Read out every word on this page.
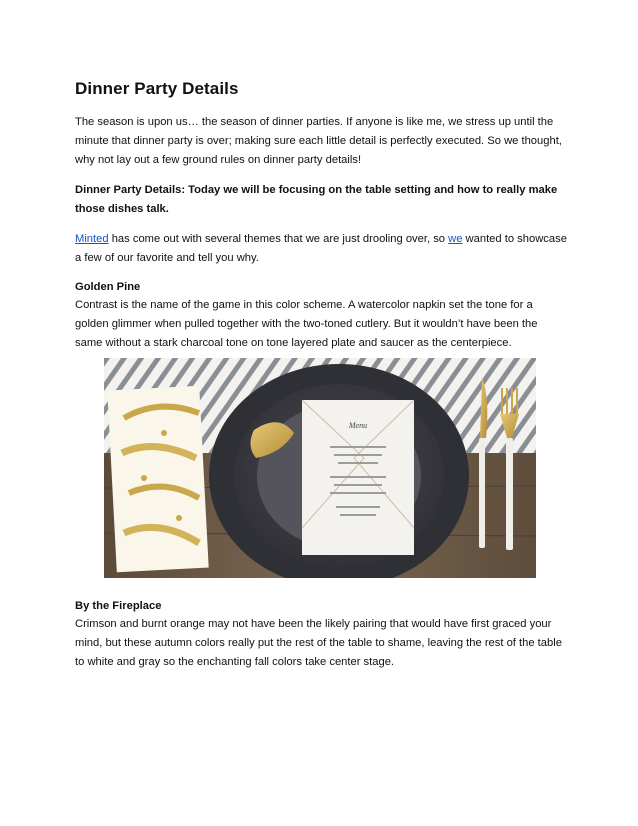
Dinner Party Details

The season is upon us… the season of dinner parties. If anyone is like me, we stress up until the minute that dinner party is over; making sure each little detail is perfectly executed. So we thought, why not lay out a few ground rules on dinner party details!

Dinner Party Details: Today we will be focusing on the table setting and how to really make those dishes talk.

Minted has come out with several themes that we are just drooling over, so we wanted to showcase a few of our favorite and tell you why.

Golden Pine

Contrast is the name of the game in this color scheme. A watercolor napkin set the tone for a golden glimmer when pulled together with the two-toned cutlery. But it wouldn’t have been the same without a stark charcoal tone on tone layered plate and saucer as the centerpiece.

By the Fireplace

Crimson and burnt orange may not have been the likely pairing that would have first graced your mind, but these autumn colors really put the rest of the table to shame, leaving the rest of the table to white and gray so the enchanting fall colors take center stage.

Menu
